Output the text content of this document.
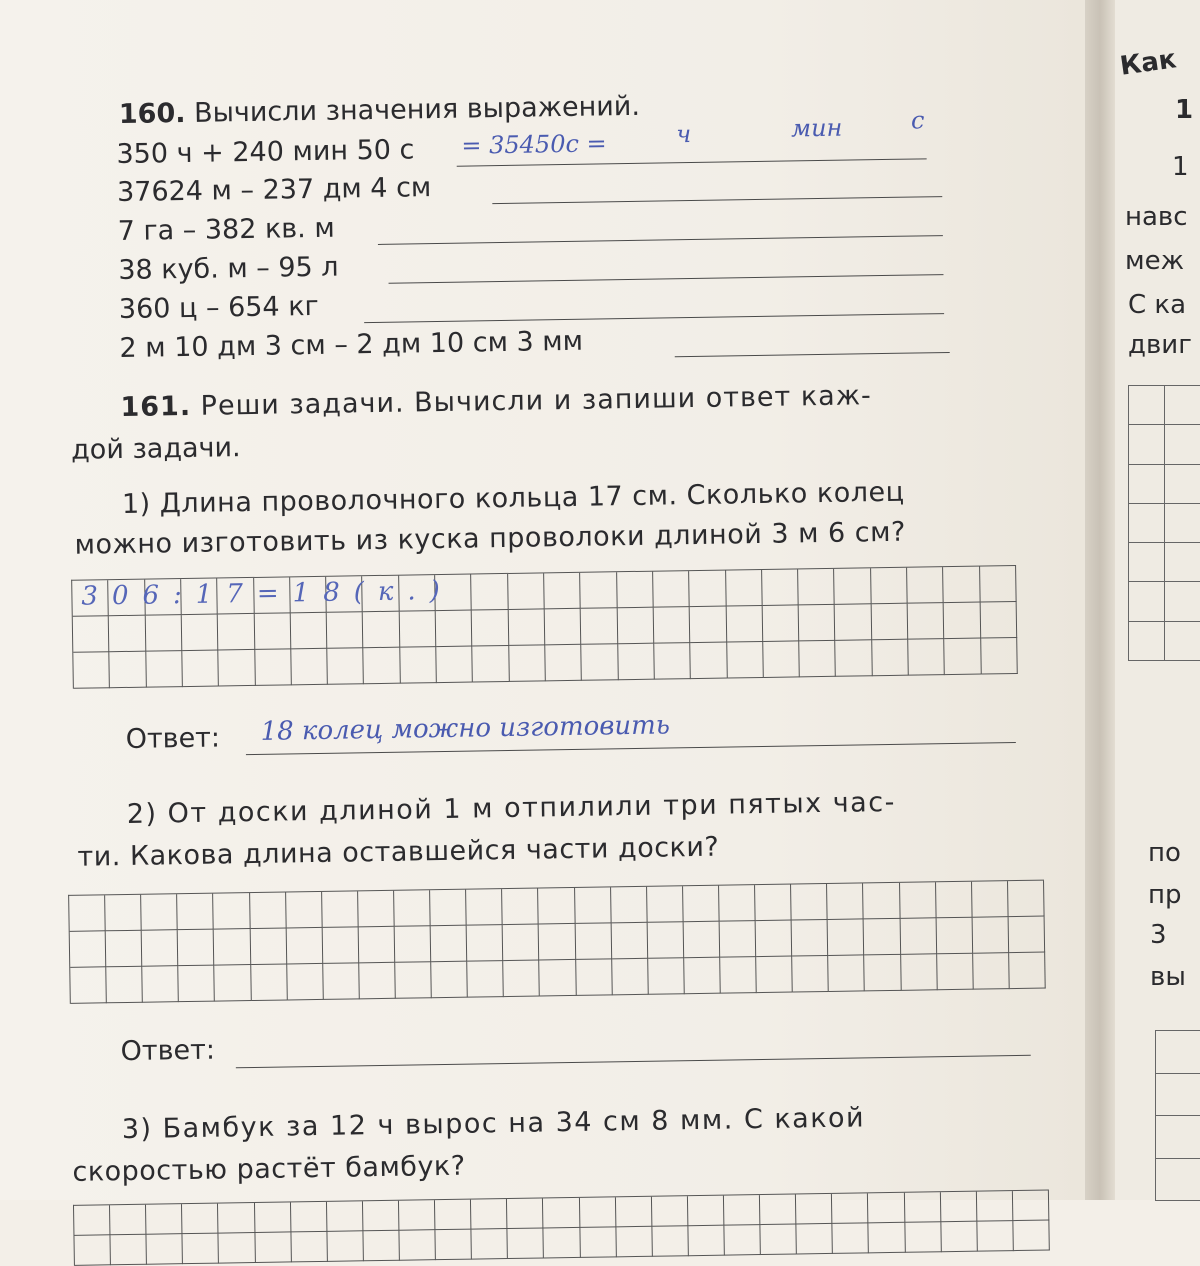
160. Вычисли значения выражений.
350 ч + 240 мин 50 с = 35450с =	ч	мин	с
37624 м – 237 дм 4 см
7 га – 382 кв. м
38 куб. м – 95 л
360 ц – 654 кг
2 м 10 дм 3 см – 2 дм 10 см 3 мм
161. Реши задачи. Вычисли и запиши ответ каж-
дой задачи.
1) Длина проволочного кольца 17 см. Сколько колец
можно изготовить из куска проволоки длиной 3 м 6 см?
306:17=18(к.)
Ответ: 18 колец можно изготовить
2) От доски длиной 1 м отпилили три пятых час-
ти. Какова длина оставшейся части доски?
Ответ:
3) Бамбук за 12 ч вырос на 34 см 8 мм. С какой
скоростью растёт бамбук?
Как
1
1
навс
меж
С ка
двиг
по
пр
3
вы
